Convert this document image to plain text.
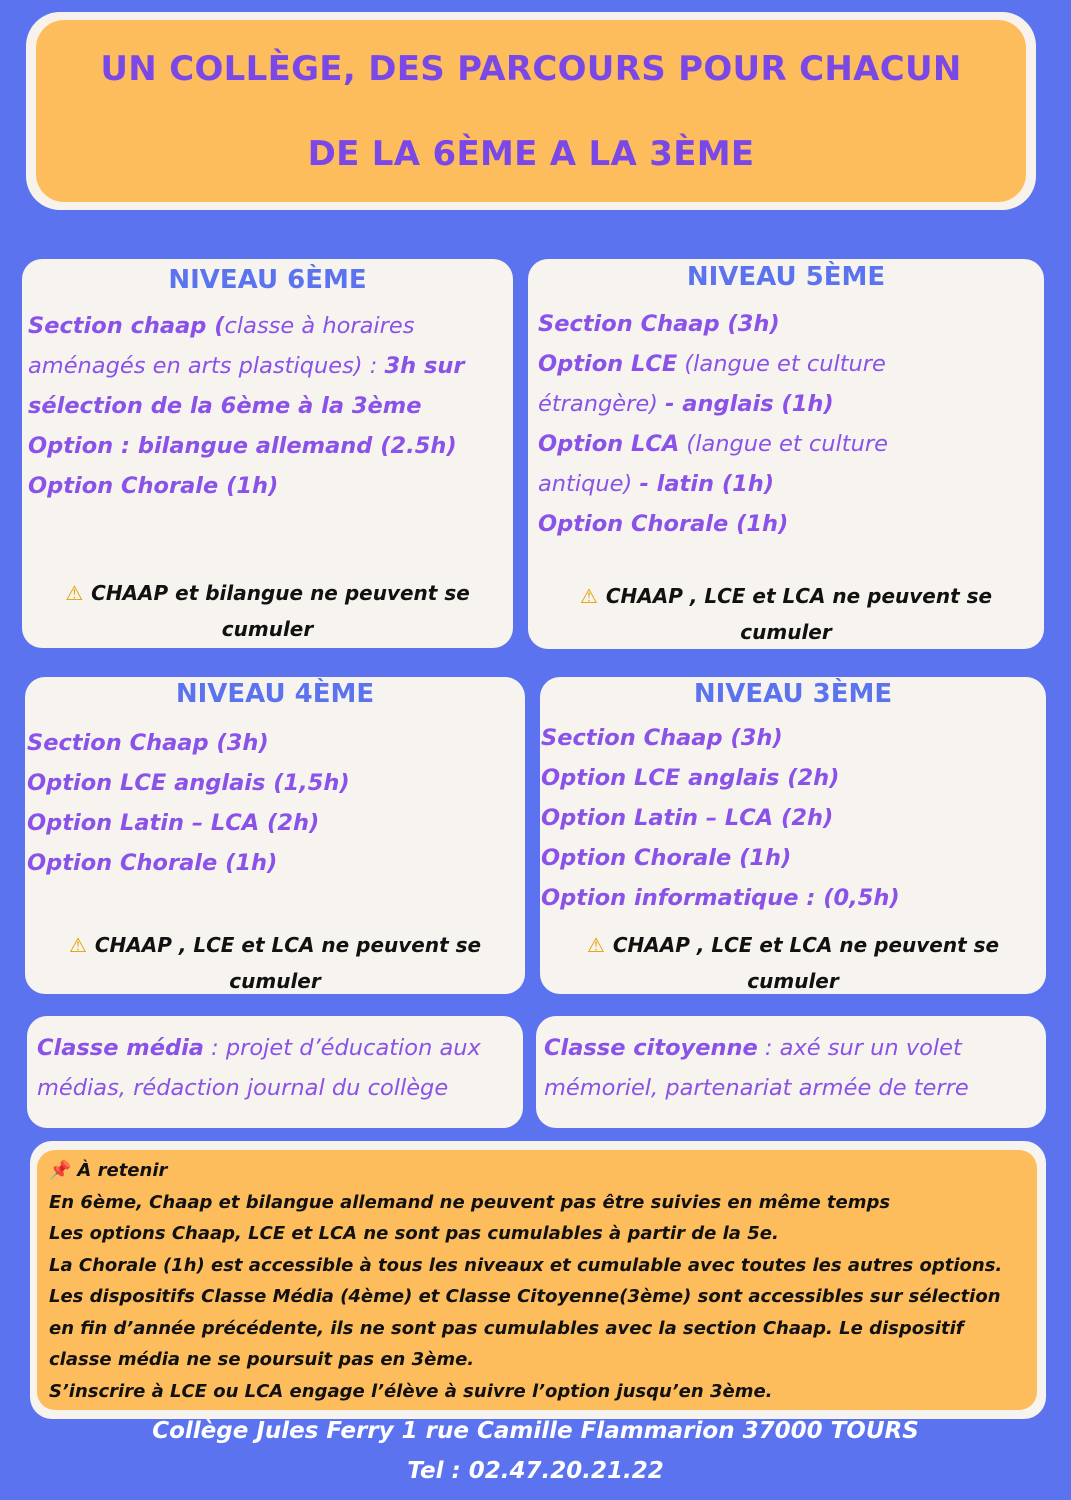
UN COLLÈGE, DES PARCOURS POUR CHACUN
DE LA 6ÈME A LA 3ÈME
NIVEAU 6ÈME
Section chaap (classe à horaires
aménagés en arts plastiques) : 3h sur
sélection de la 6ème à la 3ème
Option : bilangue allemand (2.5h)
Option Chorale (1h)
⚠ CHAAP et bilangue ne peuvent se
cumuler
NIVEAU 5ÈME
Section Chaap (3h)
Option LCE (langue et culture
étrangère) - anglais (1h)
Option LCA (langue et culture
antique) - latin (1h)
Option Chorale (1h)
⚠ CHAAP , LCE et LCA ne peuvent se
cumuler
NIVEAU 4ÈME
Section Chaap (3h)
Option LCE anglais (1,5h)
Option Latin – LCA (2h)
Option Chorale (1h)
⚠ CHAAP , LCE et LCA ne peuvent se
cumuler
NIVEAU 3ÈME
Section Chaap (3h)
Option LCE anglais (2h)
Option Latin – LCA (2h)
Option Chorale (1h)
Option informatique : (0,5h)
⚠ CHAAP , LCE et LCA ne peuvent se
cumuler
Classe média : projet d’éducation aux
médias, rédaction journal du collège
Classe citoyenne : axé sur un volet
mémoriel, partenariat armée de terre
📌 À retenir
En 6ème, Chaap et bilangue allemand ne peuvent pas être suivies en même temps
Les options Chaap, LCE et LCA ne sont pas cumulables à partir de la 5e.
La Chorale (1h) est accessible à tous les niveaux et cumulable avec toutes les autres options.
Les dispositifs Classe Média (4ème) et Classe Citoyenne(3ème) sont accessibles sur sélection
en fin d’année précédente, ils ne sont pas cumulables avec la section Chaap. Le dispositif
classe média ne se poursuit pas en 3ème.
S’inscrire à LCE ou LCA engage l’élève à suivre l’option jusqu’en 3ème.
Collège Jules Ferry 1 rue Camille Flammarion 37000 TOURS
Tel : 02.47.20.21.22
